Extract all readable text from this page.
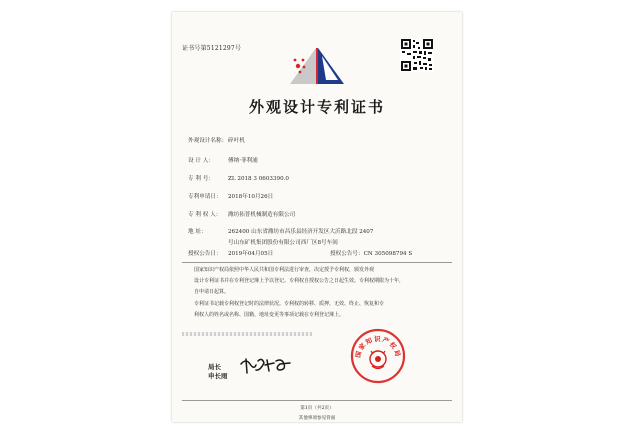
证书号第5121297号
外观设计专利证书
外观设计名称：碎叶机
设 计 人：	傅纳·菲利浦
专 利 号：	ZL 2018 3 0603390.0
专利申请日： 2018年10月26日
专 利 权 人： 潍坊拓普机械制造有限公司
地 址：	262400 山东省潍坊市昌乐县经济开发区大沂路北段 2407
号山东矿机集团股份有限公司西厂区8号车间
授权公告日： 2019年04月05日	授权公告号：CN 305098794 S
国家知识产权局依照中华人民共和国专利法进行审查，决定授予专利权，颁发外观
设计专利证书并在专利登记簿上予以登记。专利权自授权公告之日起生效。专利权期限为十年，
自申请日起算。
专利证书记载专利权登记时的法律状况。专利权的转移、质押、无效、终止、恢复和专
利权人的姓名或名称、国籍、地址变更等事项记载在专利登记簿上。
局长
申长雨
国家知识产权局
第1页（共2页）
其他事项参见背面
